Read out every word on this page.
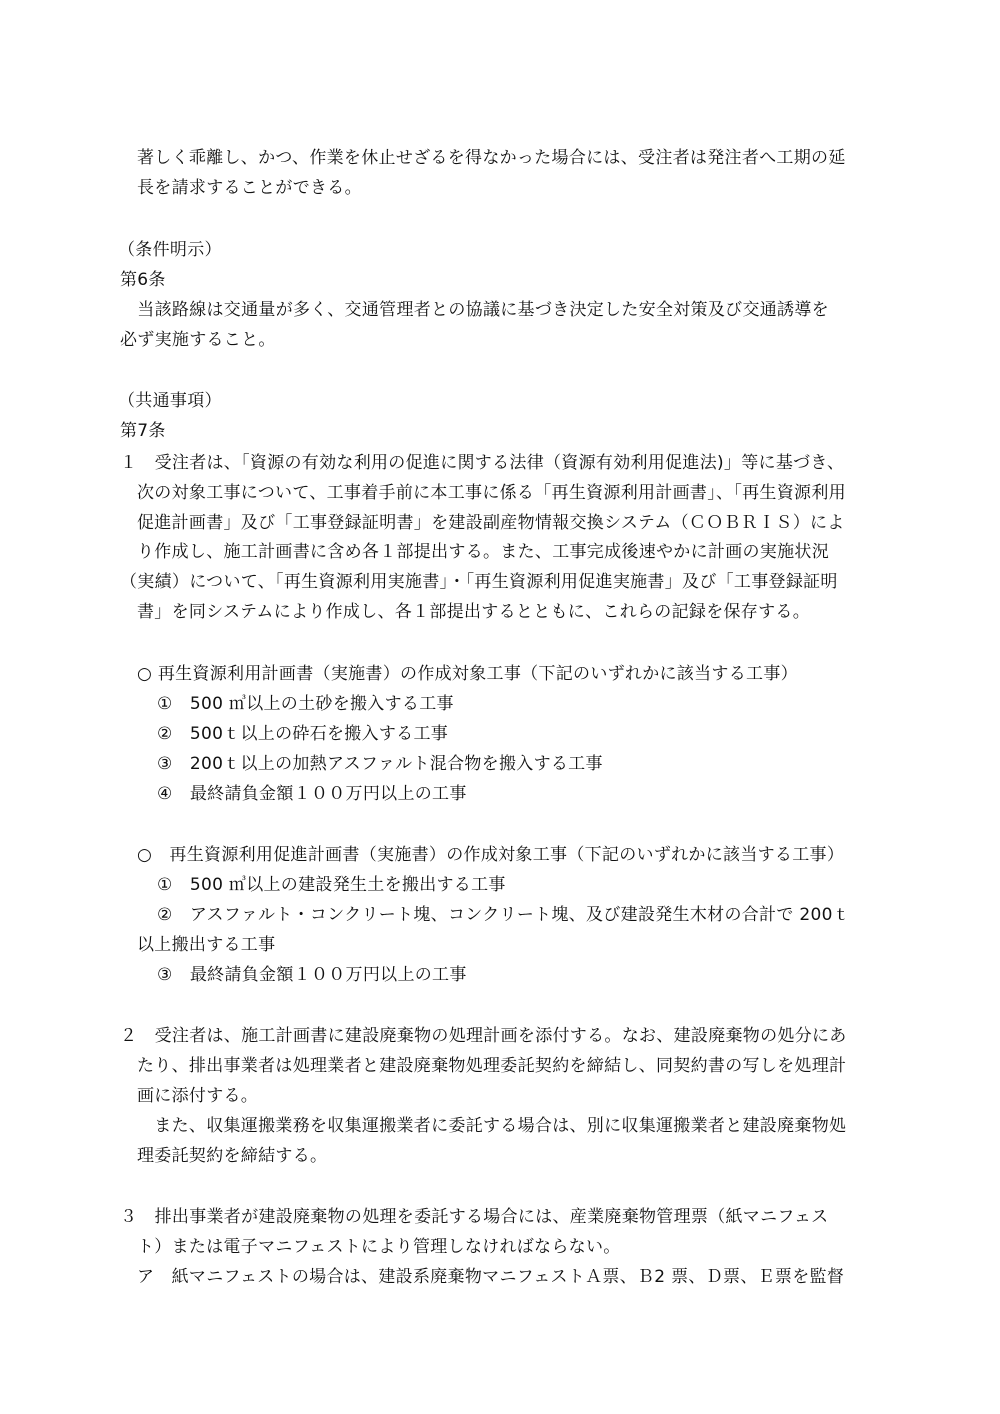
著しく乖離し、かつ、作業を休止せざるを得なかった場合には、受注者は発注者へ工期の延
長を請求することができる。
（条件明示）
第6条
　当該路線は交通量が多く、交通管理者との協議に基づき決定した安全対策及び交通誘導を
必ず実施すること。
（共通事項）
第7条
１　受注者は、「資源の有効な利用の促進に関する法律（資源有効利用促進法)」等に基づき、
次の対象工事について、工事着手前に本工事に係る「再生資源利用計画書」、「再生資源利用
促進計画書」及び「工事登録証明書」を建設副産物情報交換システム（ＣＯＢＲＩＳ）によ
り作成し、施工計画書に含め各１部提出する。また、工事完成後速やかに計画の実施状況
（実績）について、「再生資源利用実施書」・「再生資源利用促進実施書」及び「工事登録証明
書」を同システムにより作成し、各１部提出するとともに、これらの記録を保存する。
○ 再生資源利用計画書（実施書）の作成対象工事（下記のいずれかに該当する工事）
①　500 ㎥以上の土砂を搬入する工事
②　500ｔ以上の砕石を搬入する工事
③　200ｔ以上の加熱アスファルト混合物を搬入する工事
④　最終請負金額１００万円以上の工事
○　再生資源利用促進計画書（実施書）の作成対象工事（下記のいずれかに該当する工事）
①　500 ㎥以上の建設発生土を搬出する工事
②　アスファルト・コンクリート塊、コンクリート塊、及び建設発生木材の合計で 200ｔ
以上搬出する工事
③　最終請負金額１００万円以上の工事
２　受注者は、施工計画書に建設廃棄物の処理計画を添付する。なお、建設廃棄物の処分にあ
たり、排出事業者は処理業者と建設廃棄物処理委託契約を締結し、同契約書の写しを処理計
画に添付する。
　また、収集運搬業務を収集運搬業者に委託する場合は、別に収集運搬業者と建設廃棄物処
理委託契約を締結する。
３　排出事業者が建設廃棄物の処理を委託する場合には、産業廃棄物管理票（紙マニフェス
ト）または電子マニフェストにより管理しなければならない。
ア　紙マニフェストの場合は、建設系廃棄物マニフェストＡ票、Ｂ2 票、Ｄ票、Ｅ票を監督
